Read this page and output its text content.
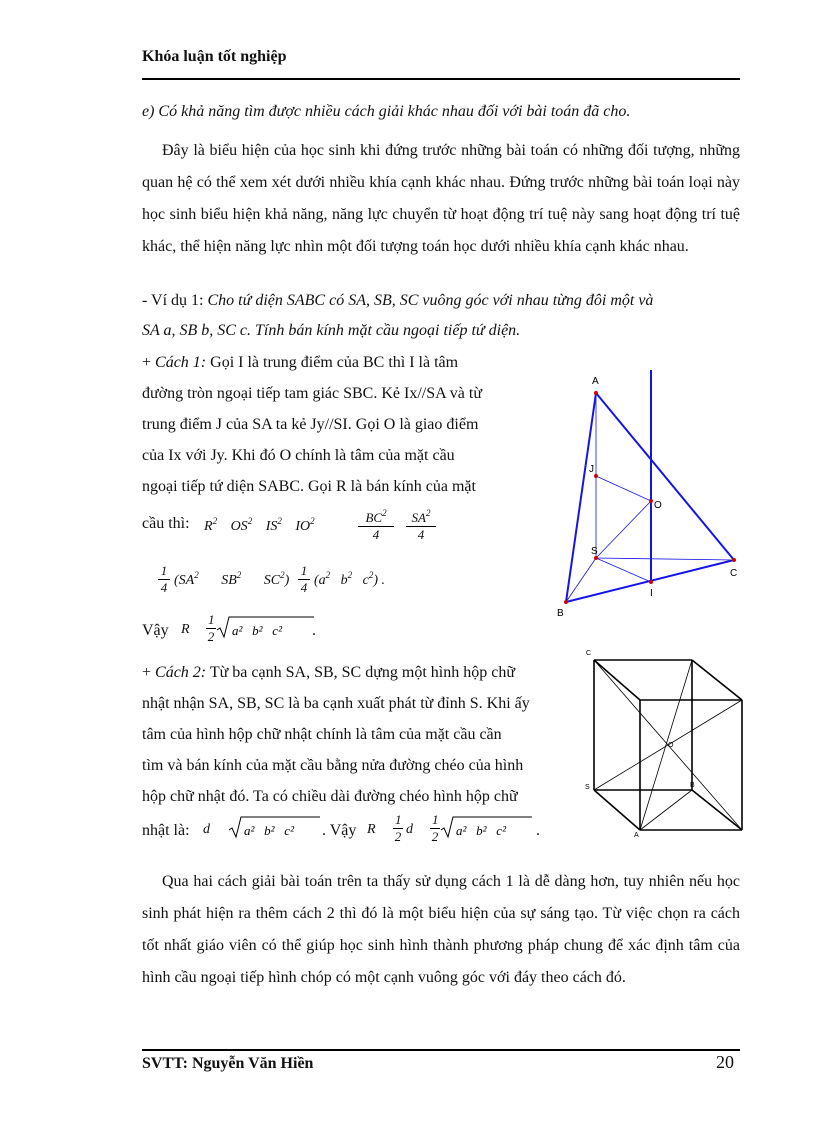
Khóa luận tốt nghiệp
e) Có khả năng tìm được nhiều cách giải khác nhau đối với bài toán đã cho.
Đây là biểu hiện của học sinh khi đứng trước những bài toán có những đối tượng, những quan hệ có thể xem xét dưới nhiều khía cạnh khác nhau. Đứng trước những bài toán loại này học sinh biểu hiện khả năng, năng lực chuyển từ hoạt động trí tuệ này sang hoạt động trí tuệ khác, thể hiện năng lực nhìn một đối tượng toán học dưới nhiều khía cạnh khác nhau.
- Ví dụ 1: Cho tứ diện SABC có SA, SB, SC vuông góc với nhau từng đôi một và
SA a, SB b, SC c. Tính bán kính mặt cầu ngoại tiếp tứ diện.
+ Cách 1: Gọi I là trung điểm của BC thì I là tâm
đường tròn ngoại tiếp tam giác SBC. Kẻ Ix//SA và từ
trung điểm J của SA ta kẻ Jy//SI. Gọi O là giao điểm
của Ix với Jy. Khi đó O chính là tâm của mặt cầu
ngoại tiếp tứ diện SABC. Gọi R là bán kính của mặt
cầu thì: $R^2$ $OS^2$ $IS^2$ $IO^2$	$\frac{BC^2}{4} \frac{SA^2}{4}$
$\frac{1}{4} (SA^2$   $SB^2$   $SC^2) \frac{1}{4} (a^2$   $b^2$   $c^2$) .
Vậy R $\frac{1}{2} a^2$   b²   c² .
A
J
O
S
C
I
B
+ Cách 2: Từ ba cạnh SA, SB, SC dựng một hình hộp chữ
nhật nhận SA, SB, SC là ba cạnh xuất phát từ đỉnh S. Khi ấy
tâm của hình hộp chữ nhật chính là tâm của mặt cầu cần
tìm và bán kính của mặt cầu bằng nửa đường chéo của hình
hộp chữ nhật đó. Ta có chiều dài đường chéo hình hộp chữ
nhật là: d	a²   b²   c² . Vậy R $\frac{1}{2}$ d $\frac{1}{2} a^2$   b²   c² .
C
O
S	B
A
Qua hai cách giải bài toán trên ta thấy sử dụng cách 1 là dễ dàng hơn, tuy nhiên nếu học sinh phát hiện ra thêm cách 2 thì đó là một biểu hiện của sự sáng tạo. Từ việc chọn ra cách tốt nhất giáo viên có thể giúp học sinh hình thành phương pháp chung để xác định tâm của hình cầu ngoại tiếp hình chóp có một cạnh vuông góc với đáy theo cách đó.
SVTT: Nguyễn Văn Hiền	20
